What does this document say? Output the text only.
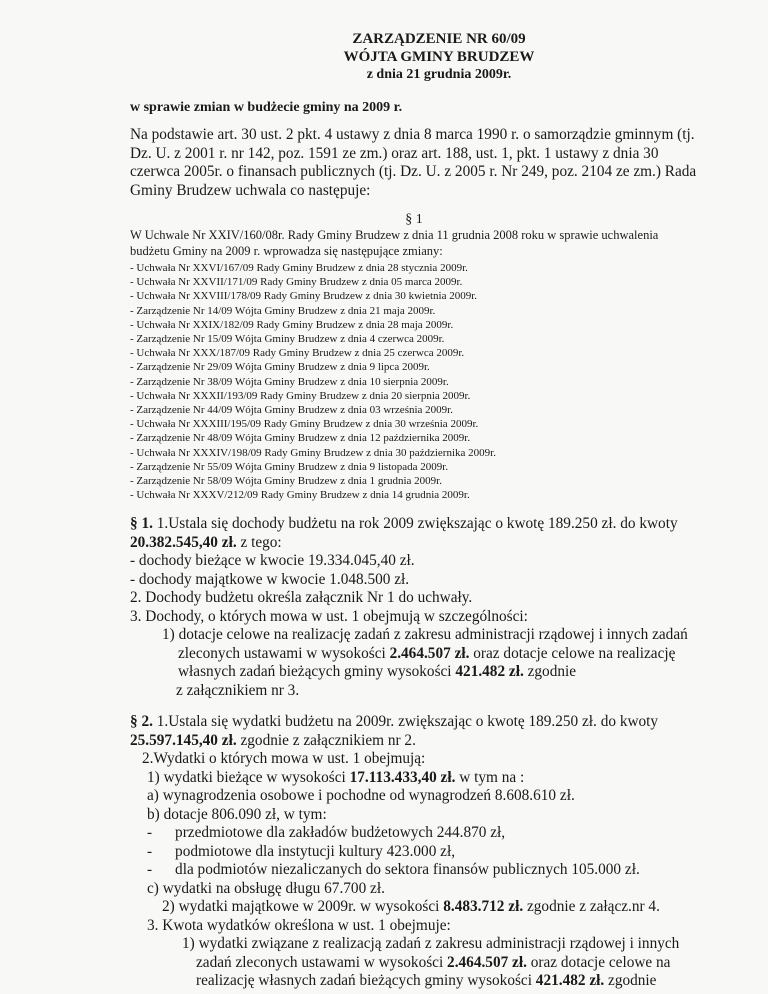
ZARZĄDZENIE NR 60/09
WÓJTA GMINY BRUDZEW
z dnia 21 grudnia 2009r.
w sprawie zmian w budżecie gminy na 2009 r.
Na podstawie art. 30 ust. 2 pkt. 4 ustawy z dnia 8 marca 1990 r. o samorządzie gminnym (tj. Dz. U. z 2001 r. nr 142, poz. 1591 ze zm.) oraz art. 188, ust. 1, pkt. 1 ustawy z dnia 30 czerwca 2005r. o finansach publicznych (tj. Dz. U. z 2005 r. Nr 249, poz. 2104 ze zm.) Rada Gminy Brudzew uchwala co następuje:
§ 1
W Uchwale Nr XXIV/160/08r. Rady Gminy Brudzew z dnia 11 grudnia 2008 roku w sprawie uchwalenia budżetu Gminy na 2009 r. wprowadza się następujące zmiany:
- Uchwała Nr XXVI/167/09 Rady Gminy Brudzew z dnia 28 stycznia 2009r.
- Uchwała Nr XXVII/171/09 Rady Gminy Brudzew z dnia 05 marca 2009r.
- Uchwała Nr XXVIII/178/09 Rady Gminy Brudzew z dnia 30 kwietnia 2009r.
- Zarządzenie Nr 14/09 Wójta Gminy Brudzew z dnia 21 maja 2009r.
- Uchwała Nr XXIX/182/09 Rady Gminy Brudzew z dnia 28 maja 2009r.
- Zarządzenie Nr 15/09 Wójta Gminy Brudzew z dnia 4 czerwca 2009r.
- Uchwała Nr XXX/187/09 Rady Gminy Brudzew z dnia 25 czerwca 2009r.
- Zarządzenie Nr 29/09 Wójta Gminy Brudzew z dnia 9 lipca 2009r.
- Zarządzenie Nr 38/09 Wójta Gminy Brudzew z dnia 10 sierpnia 2009r.
- Uchwała Nr XXXII/193/09 Rady Gminy Brudzew z dnia 20 sierpnia 2009r.
- Zarządzenie Nr 44/09 Wójta Gminy Brudzew z dnia 03 września 2009r.
- Uchwała Nr XXXIII/195/09 Rady Gminy Brudzew z dnia 30 września 2009r.
- Zarządzenie Nr 48/09 Wójta Gminy Brudzew z dnia 12 października 2009r.
- Uchwała Nr XXXIV/198/09 Rady Gminy Brudzew z dnia 30 października 2009r.
- Zarządzenie Nr 55/09 Wójta Gminy Brudzew z dnia 9 listopada 2009r.
- Zarządzenie Nr 58/09 Wójta Gminy Brudzew z dnia 1 grudnia 2009r.
- Uchwała Nr XXXV/212/09 Rady Gminy Brudzew z dnia 14 grudnia 2009r.
§ 1. 1.Ustala się dochody budżetu na rok 2009 zwiększając o kwotę 189.250 zł. do kwoty 20.382.545,40 zł. z tego:
- dochody bieżące w kwocie 19.334.045,40 zł.
- dochody majątkowe w kwocie 1.048.500 zł.
2. Dochody budżetu określa załącznik Nr 1 do uchwały.
3. Dochody, o których mowa w ust. 1 obejmują w szczególności:
1) dotacje celowe na realizację zadań z zakresu administracji rządowej i innych zadań zleconych ustawami w wysokości 2.464.507 zł. oraz dotacje celowe na realizację własnych zadań bieżących gminy wysokości 421.482 zł. zgodnie
z załącznikiem nr 3.
§ 2. 1.Ustala się wydatki budżetu na 2009r. zwiększając o kwotę 189.250 zł. do kwoty 25.597.145,40 zł. zgodnie z załącznikiem nr 2.
2.Wydatki o których mowa w ust. 1 obejmują:
1) wydatki bieżące w wysokości 17.113.433,40 zł. w tym na :
a) wynagrodzenia osobowe i pochodne od wynagrodzeń 8.608.610 zł.
b) dotacje 806.090 zł, w tym:
-      przedmiotowe dla zakładów budżetowych 244.870 zł,
-      podmiotowe dla instytucji kultury 423.000 zł,
-      dla podmiotów niezaliczanych do sektora finansów publicznych 105.000 zł.
c) wydatki na obsługę długu 67.700 zł.
2) wydatki majątkowe w 2009r. w wysokości 8.483.712 zł. zgodnie z załącz.nr 4.
3. Kwota wydatków określona w ust. 1 obejmuje:
1) wydatki związane z realizacją zadań z zakresu administracji rządowej i innych zadań zleconych ustawami w wysokości 2.464.507 zł. oraz dotacje celowe na realizację własnych zadań bieżących gminy wysokości 421.482 zł. zgodnie
